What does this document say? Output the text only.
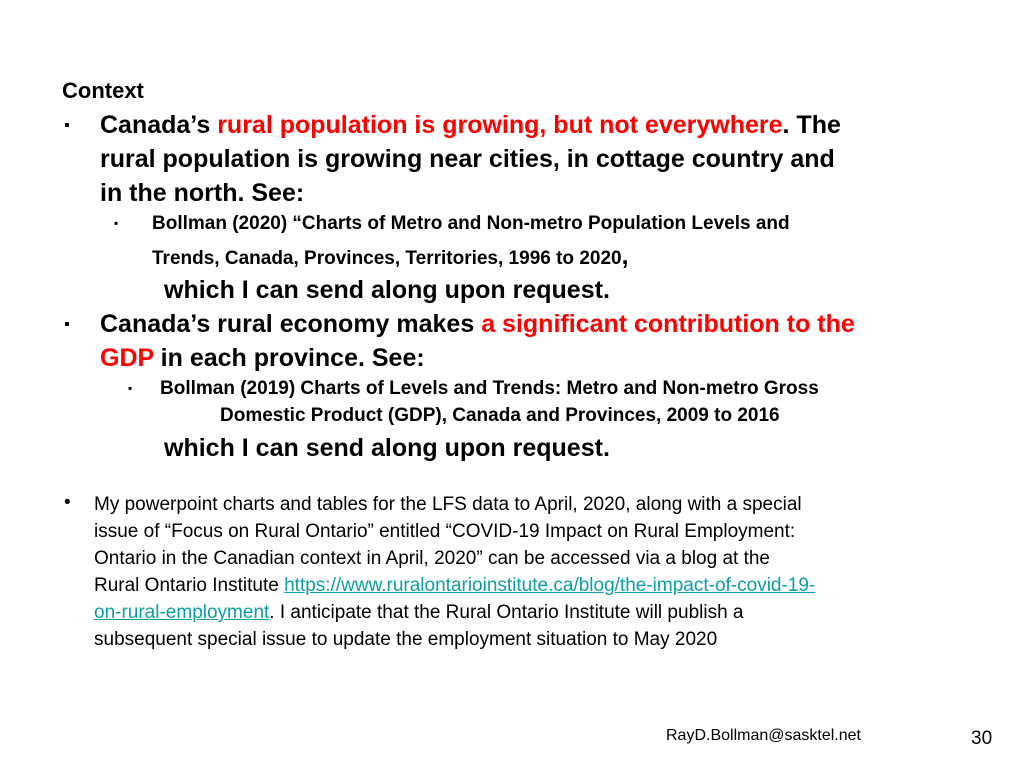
Context
▪ Canada’s rural population is growing, but not everywhere. The
rural population is growing near cities, in cottage country and
in the north. See:
▪ Bollman (2020) “Charts of Metro and Non-metro Population Levels and
Trends, Canada, Provinces, Territories, 1996 to 2020,
which I can send along upon request.
▪ Canada’s rural economy makes a significant contribution to the
GDP in each province. See:
▪ Bollman (2019) Charts of Levels and Trends: Metro and Non-metro Gross
Domestic Product (GDP), Canada and Provinces, 2009 to 2016
which I can send along upon request.
• My powerpoint charts and tables for the LFS data to April, 2020, along with a special
issue of “Focus on Rural Ontario” entitled “COVID-19 Impact on Rural Employment:
Ontario in the Canadian context in April, 2020” can be accessed via a blog at the
Rural Ontario Institute https://www.ruralontarioinstitute.ca/blog/the-impact-of-covid-19-
on-rural-employment. I anticipate that the Rural Ontario Institute will publish a
subsequent special issue to update the employment situation to May 2020
RayD.Bollman@sasktel.net	30
